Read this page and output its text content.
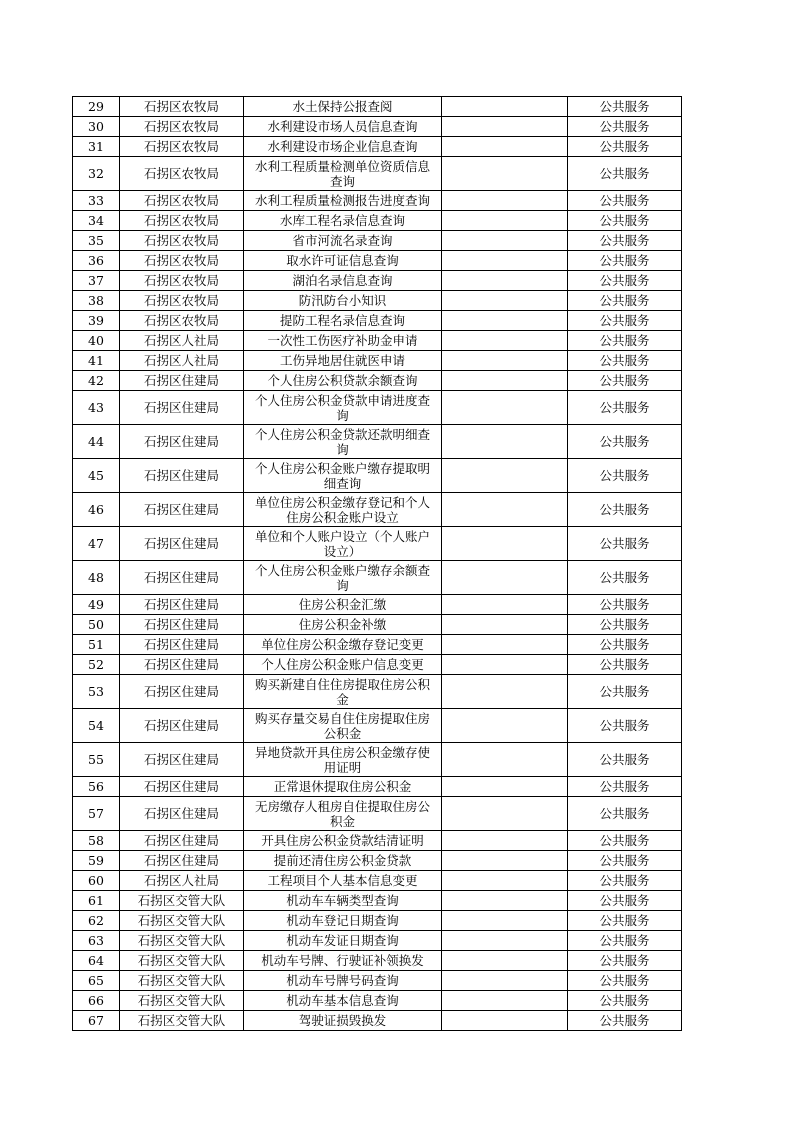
29	石拐区农牧局	水土保持公报查阅		公共服务
30	石拐区农牧局	水利建设市场人员信息查询		公共服务
31	石拐区农牧局	水利建设市场企业信息查询		公共服务
32	石拐区农牧局	水利工程质量检测单位资质信息查询		公共服务
33	石拐区农牧局	水利工程质量检测报告进度查询		公共服务
34	石拐区农牧局	水库工程名录信息查询		公共服务
35	石拐区农牧局	省市河流名录查询		公共服务
36	石拐区农牧局	取水许可证信息查询		公共服务
37	石拐区农牧局	湖泊名录信息查询		公共服务
38	石拐区农牧局	防汛防台小知识		公共服务
39	石拐区农牧局	提防工程名录信息查询		公共服务
40	石拐区人社局	一次性工伤医疗补助金申请		公共服务
41	石拐区人社局	工伤异地居住就医申请		公共服务
42	石拐区住建局	个人住房公积贷款余额查询		公共服务
43	石拐区住建局	个人住房公积金贷款申请进度查询		公共服务
44	石拐区住建局	个人住房公积金贷款还款明细查询		公共服务
45	石拐区住建局	个人住房公积金账户缴存提取明细查询		公共服务
46	石拐区住建局	单位住房公积金缴存登记和个人住房公积金账户设立		公共服务
47	石拐区住建局	单位和个人账户设立（个人账户设立）		公共服务
48	石拐区住建局	个人住房公积金账户缴存余额查询		公共服务
49	石拐区住建局	住房公积金汇缴		公共服务
50	石拐区住建局	住房公积金补缴		公共服务
51	石拐区住建局	单位住房公积金缴存登记变更		公共服务
52	石拐区住建局	个人住房公积金账户信息变更		公共服务
53	石拐区住建局	购买新建自住住房提取住房公积金		公共服务
54	石拐区住建局	购买存量交易自住住房提取住房公积金		公共服务
55	石拐区住建局	异地贷款开具住房公积金缴存使用证明		公共服务
56	石拐区住建局	正常退休提取住房公积金		公共服务
57	石拐区住建局	无房缴存人租房自住提取住房公积金		公共服务
58	石拐区住建局	开具住房公积金贷款结清证明		公共服务
59	石拐区住建局	提前还清住房公积金贷款		公共服务
60	石拐区人社局	工程项目个人基本信息变更		公共服务
61	石拐区交管大队	机动车车辆类型查询		公共服务
62	石拐区交管大队	机动车登记日期查询		公共服务
63	石拐区交管大队	机动车发证日期查询		公共服务
64	石拐区交管大队	机动车号牌、行驶证补领换发		公共服务
65	石拐区交管大队	机动车号牌号码查询		公共服务
66	石拐区交管大队	机动车基本信息查询		公共服务
67	石拐区交管大队	驾驶证损毁换发		公共服务
